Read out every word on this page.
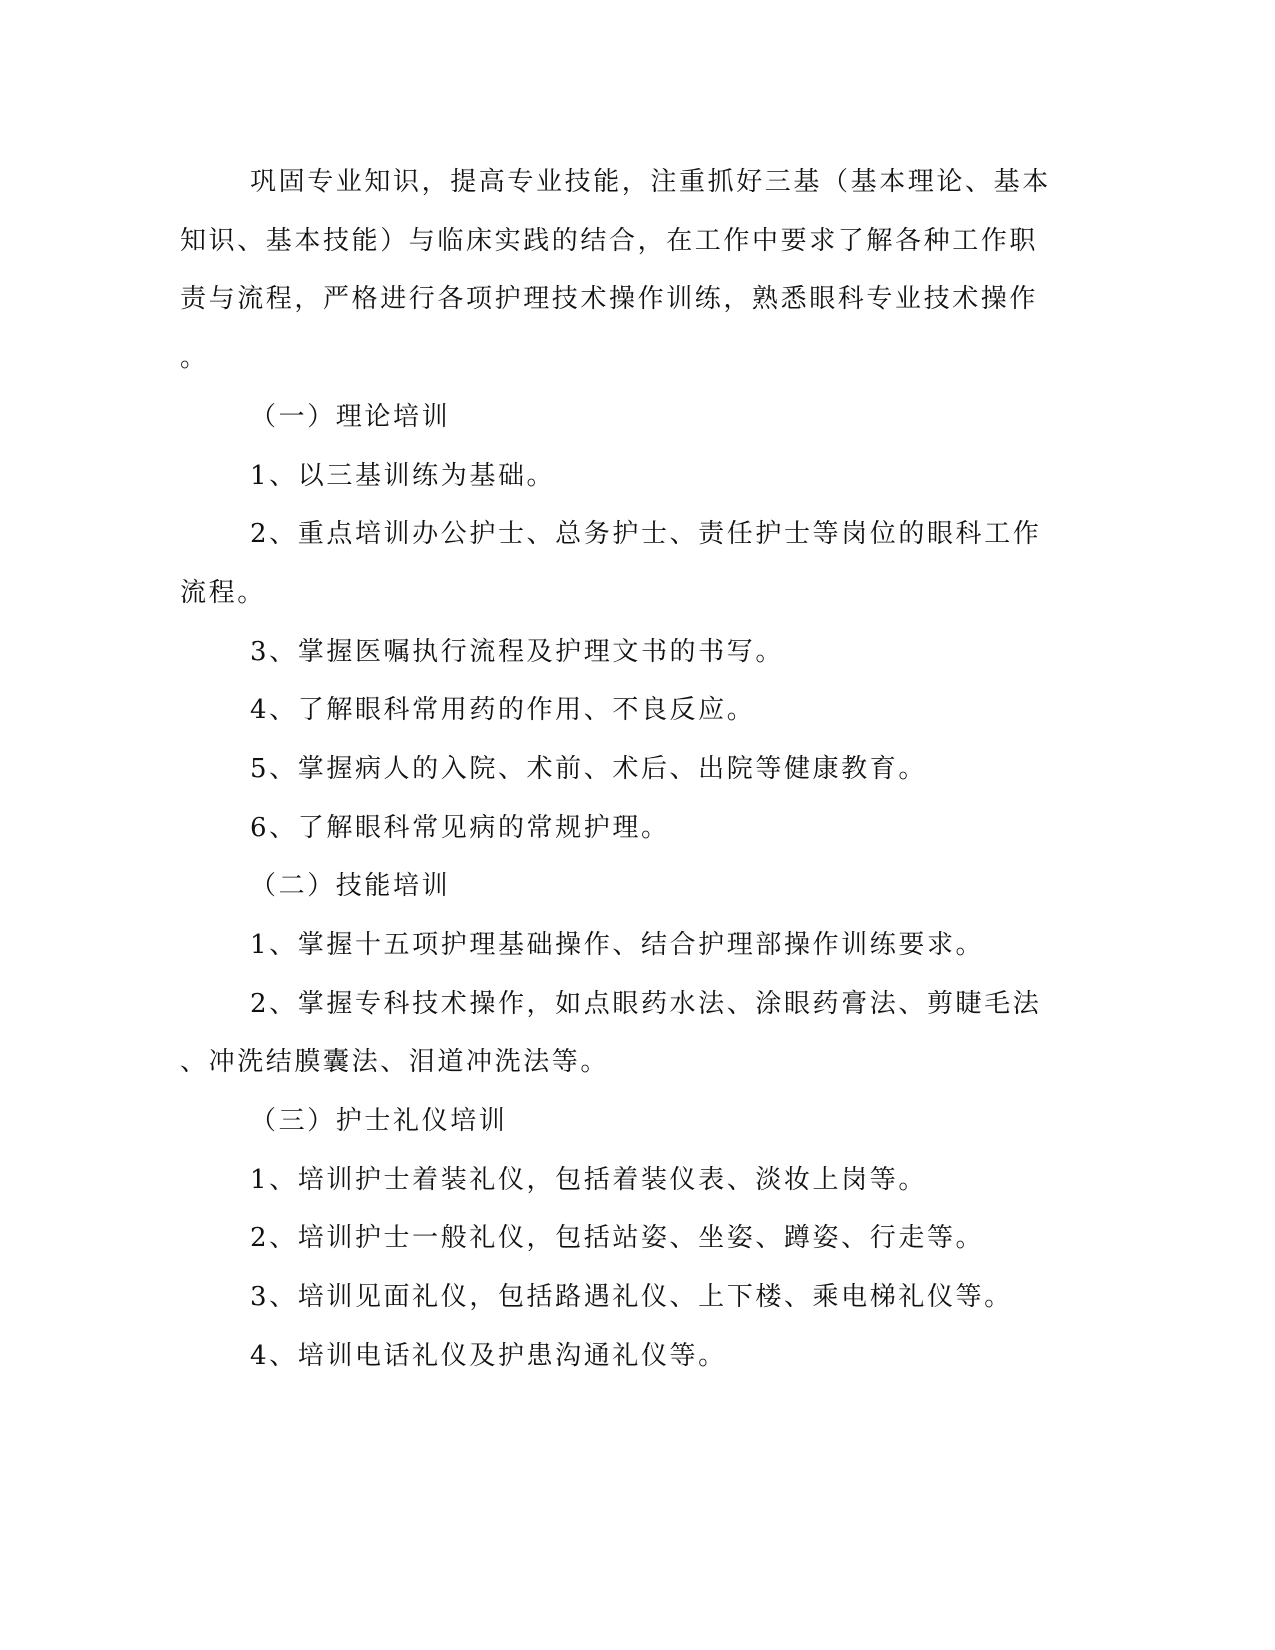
巩固专业知识，提高专业技能，注重抓好三基（基本理论、基本
知识、基本技能）与临床实践的结合，在工作中要求了解各种工作职
责与流程，严格进行各项护理技术操作训练，熟悉眼科专业技术操作
。
（一）理论培训
1、以三基训练为基础。
2、重点培训办公护士、总务护士、责任护士等岗位的眼科工作
流程。
3、掌握医嘱执行流程及护理文书的书写。
4、了解眼科常用药的作用、不良反应。
5、掌握病人的入院、术前、术后、出院等健康教育。
6、了解眼科常见病的常规护理。
（二）技能培训
1、掌握十五项护理基础操作、结合护理部操作训练要求。
2、掌握专科技术操作，如点眼药水法、涂眼药膏法、剪睫毛法
、冲洗结膜囊法、泪道冲洗法等。
（三）护士礼仪培训
1、培训护士着装礼仪，包括着装仪表、淡妆上岗等。
2、培训护士一般礼仪，包括站姿、坐姿、蹲姿、行走等。
3、培训见面礼仪，包括路遇礼仪、上下楼、乘电梯礼仪等。
4、培训电话礼仪及护患沟通礼仪等。
